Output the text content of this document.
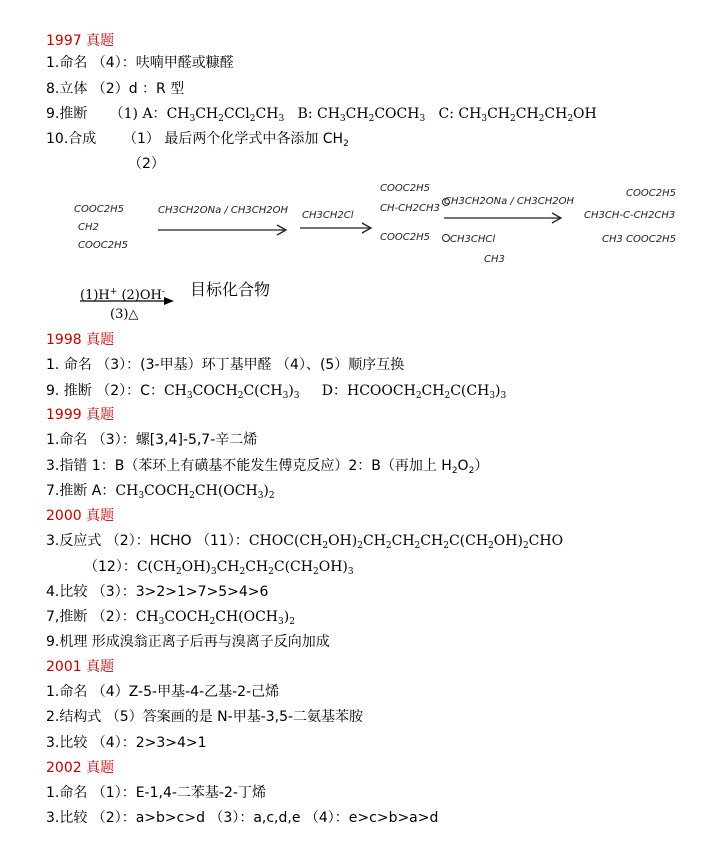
1997 真题
1.命名 （4）：呋喃甲醛或糠醛
8.立体 （2）d ：R 型
9.推断 （1) A：$CH_3CH_2CCl_2CH_3$ B: $CH_3CH_2COCH_3$ C: $CH_3CH_2CH_2CH_2OH$
10.合成 （1） 最后两个化学式中各添加 $CH_2$
（2）
COOC2H5
CH2
COOC2H5
CH3CH2ONa / CH3CH2OH CH3CH2Cl
COOC2H5
CH-CH2CH3
COOC2H5
CH3CH2ONa / CH3CH2OH
CH3CHCl
CH3
COOC2H5
CH3CH-C-CH2CH3
CH3 COOC2H5
(1)H+ (2)OH-
(3)△
目标化合物
1998 真题
1. 命名 （3）：(3-甲基）环丁基甲醛 （4）、(5）顺序互换
9. 推断 （2）：C：$CH_3COCH_2C(CH_3)_3$     D：$HCOOCH_2CH_2C(CH_3)_3$
1999 真题
1.命名 （3）：螺[3,4]-5,7-辛二烯
3.指错 1：B（苯环上有磺基不能发生傅克反应）2：B（再加上 $H_2O_2$）
7.推断 A：$CH_3COCH_2CH(OCH_3)_2$
2000 真题
3.反应式 （2）：HCHO （11）：$CHOC(CH_2OH)_2CH_2CH_2CH_2C(CH_2OH)_2CHO$
（12）：$C(CH_2OH)_3CH_2CH_2C(CH_2OH)_3$
4.比较 （3）：3>2>1>7>5>4>6
7,推断 （2）：$CH_3COCH_2CH(OCH_3)_2$
9.机理 形成溴翁正离子后再与溴离子反向加成
2001 真题
1.命名 （4）Z-5-甲基-4-乙基-2-己烯
2.结构式 （5）答案画的是 N-甲基-3,5-二氨基苯胺
3.比较 （4）：2>3>4>1
2002 真题
1.命名 （1）：E-1,4-二苯基-2-丁烯
3.比较 （2）：a>b>c>d （3）：a,c,d,e （4）：e>c>b>a>d
